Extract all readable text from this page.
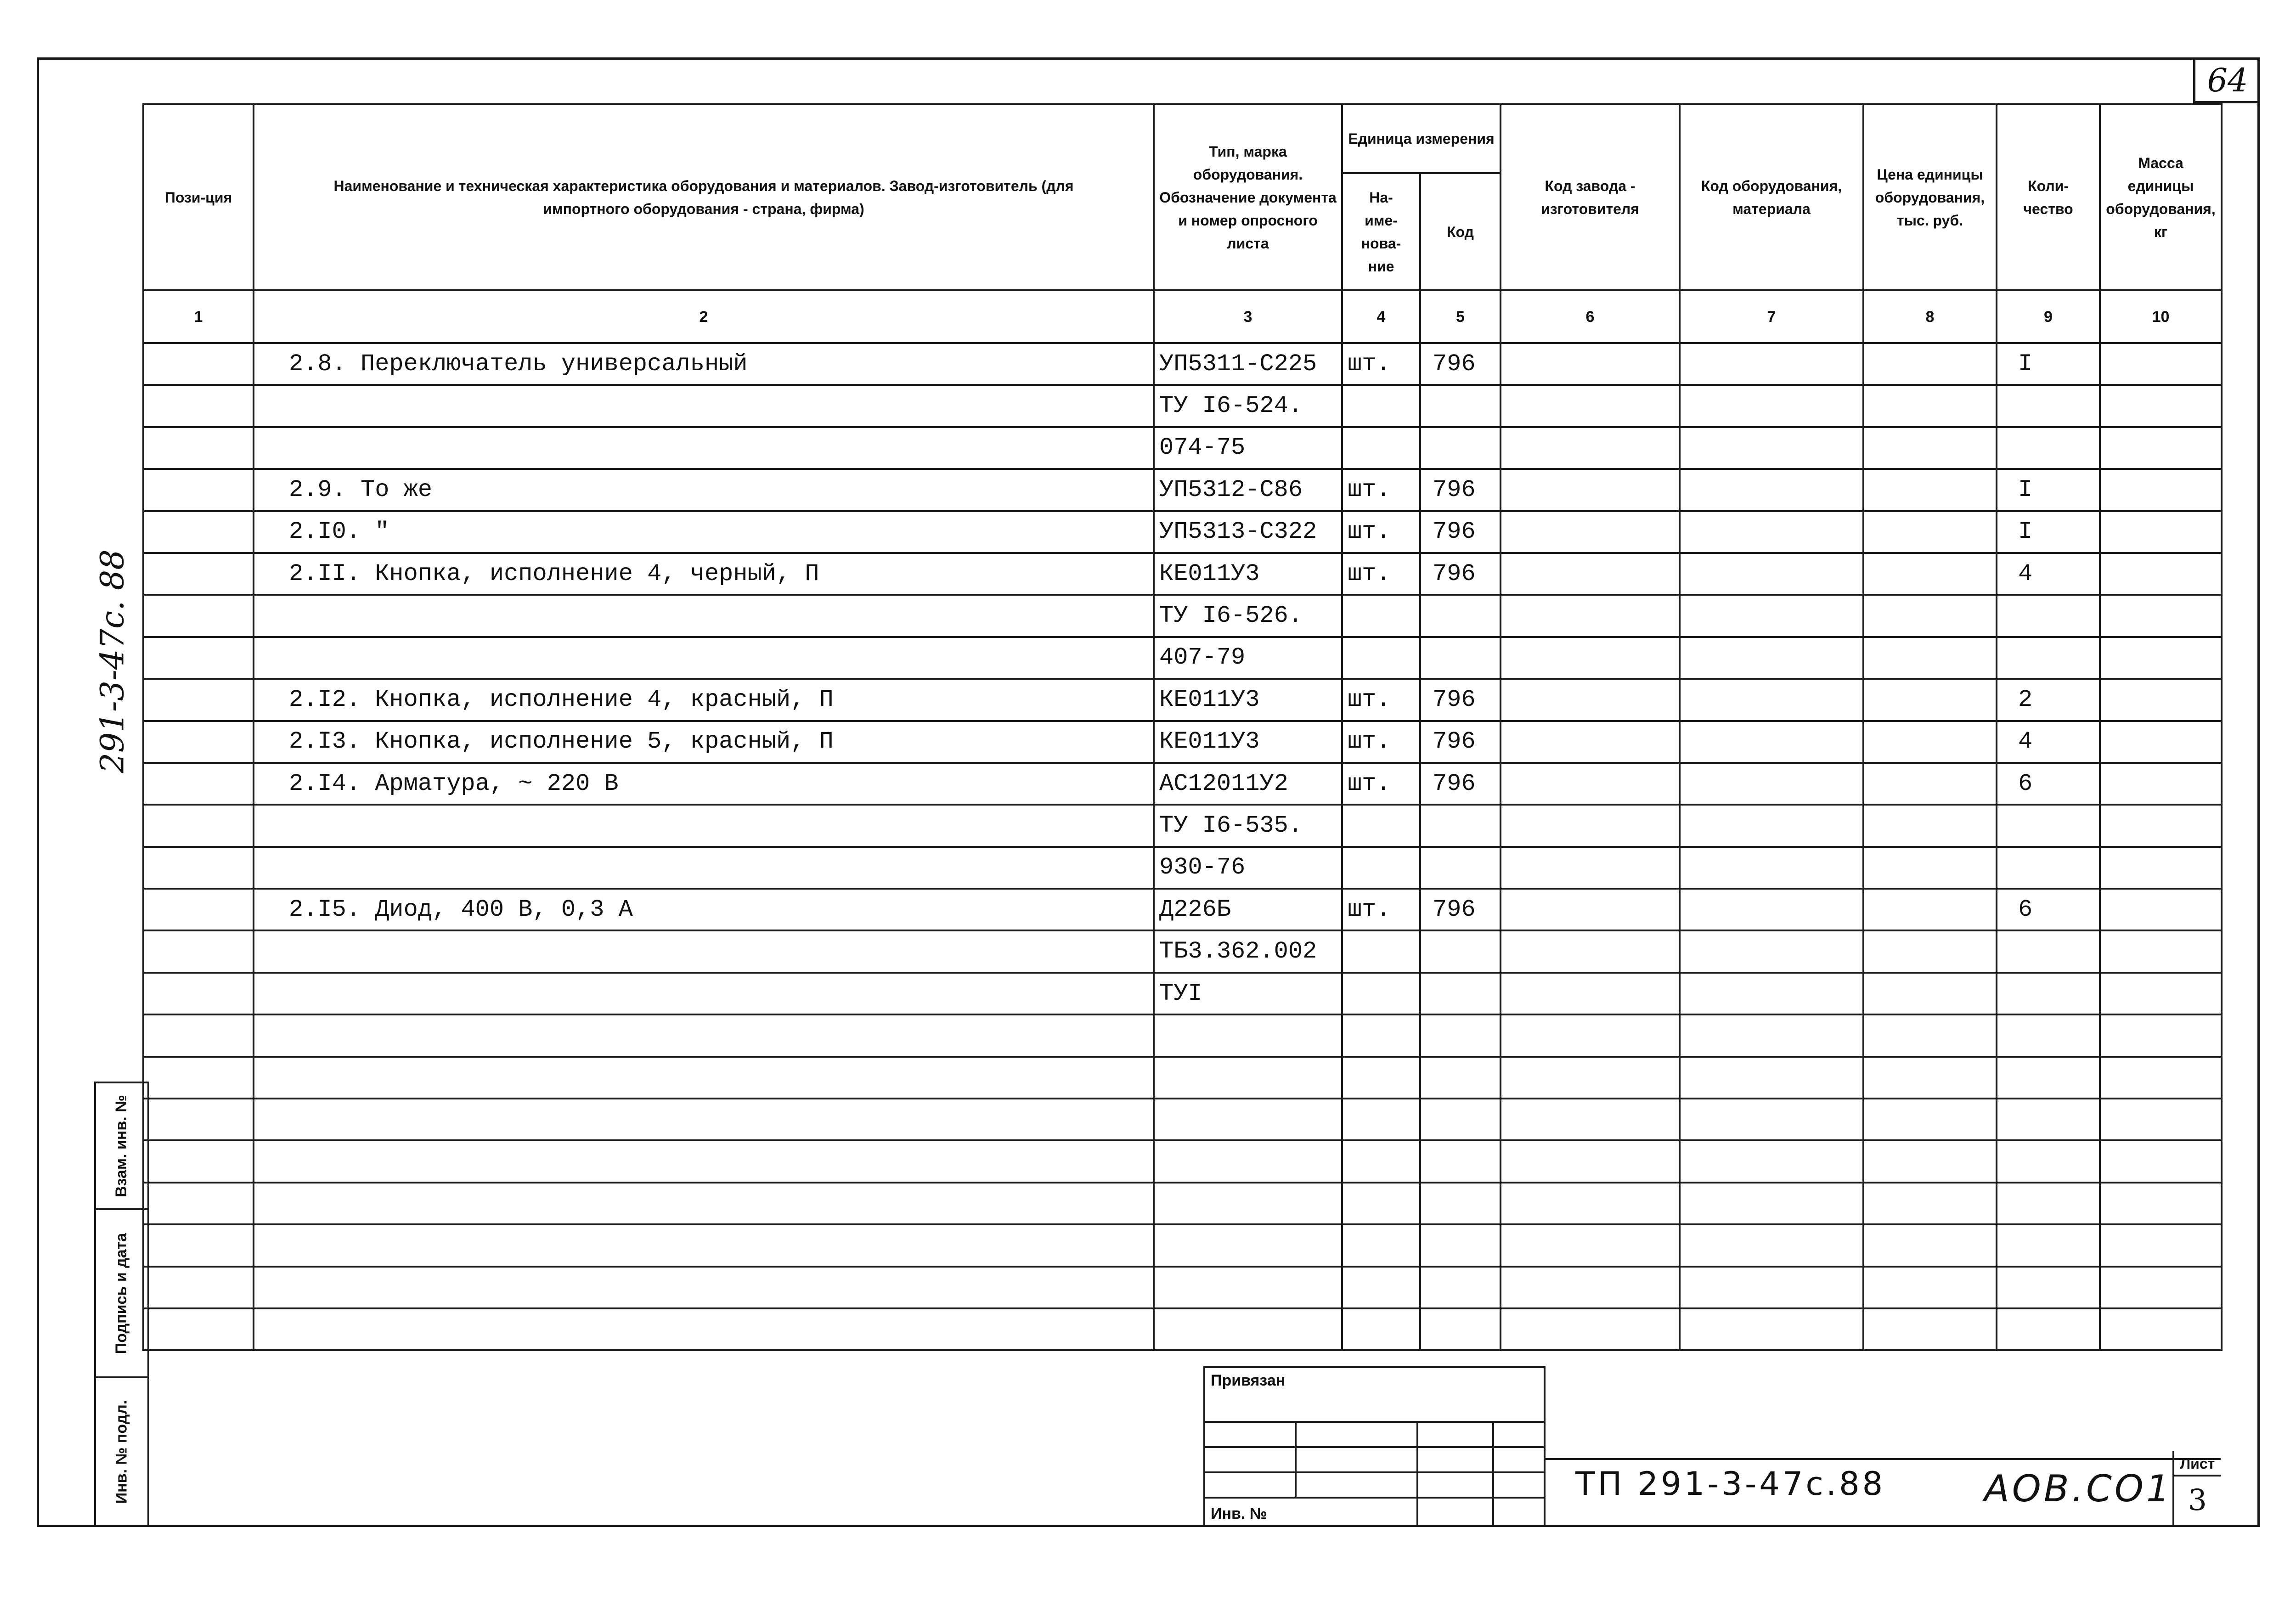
64
291-3-47c. 88
Пози-ция	Наименование и техническая характеристика оборудования и материалов. Завод-изготовитель (для импортного оборудования - страна, фирма)	Тип, марка оборудования. Обозначение документа и номер опросного листа	Единица измерения		Код завода - изготовителя	Код оборудования, материала	Цена единицы оборудования, тыс. руб.	Коли-чество	Масса единицы оборудования, кг
			На-име-нова-ние	Код					
1	2	3	4	5	6	7	8	9	10
	2.8. Переключатель универсальный	УП5311-С225	шт.	796				I	
		ТУ I6-524.							
		074-75							
	2.9. То же	УП5312-С86	шт.	796				I	
	2.I0. "	УП5313-С322	шт.	796				I	
	2.II. Кнопка, исполнение 4, черный, П	КЕ011У3	шт.	796				4	
		ТУ I6-526.							
		407-79							
	2.I2. Кнопка, исполнение 4, красный, П	КЕ011У3	шт.	796				2	
	2.I3. Кнопка, исполнение 5, красный, П	КЕ011У3	шт.	796				4	
	2.I4. Арматура, ~ 220 В	АС12011У2	шт.	796				6	
		ТУ I6-535.							
		930-76							
	2.I5. Диод, 400 В, 0,3 А	Д226Б	шт.	796				6	
		ТБ3.362.002							
		ТУI							

Взам. инв. №
Подпись и дата
Инв. № подл.
Привязан
Инв. №
ТП 291-3-47с.88	АОВ.СО1
Лист
3
